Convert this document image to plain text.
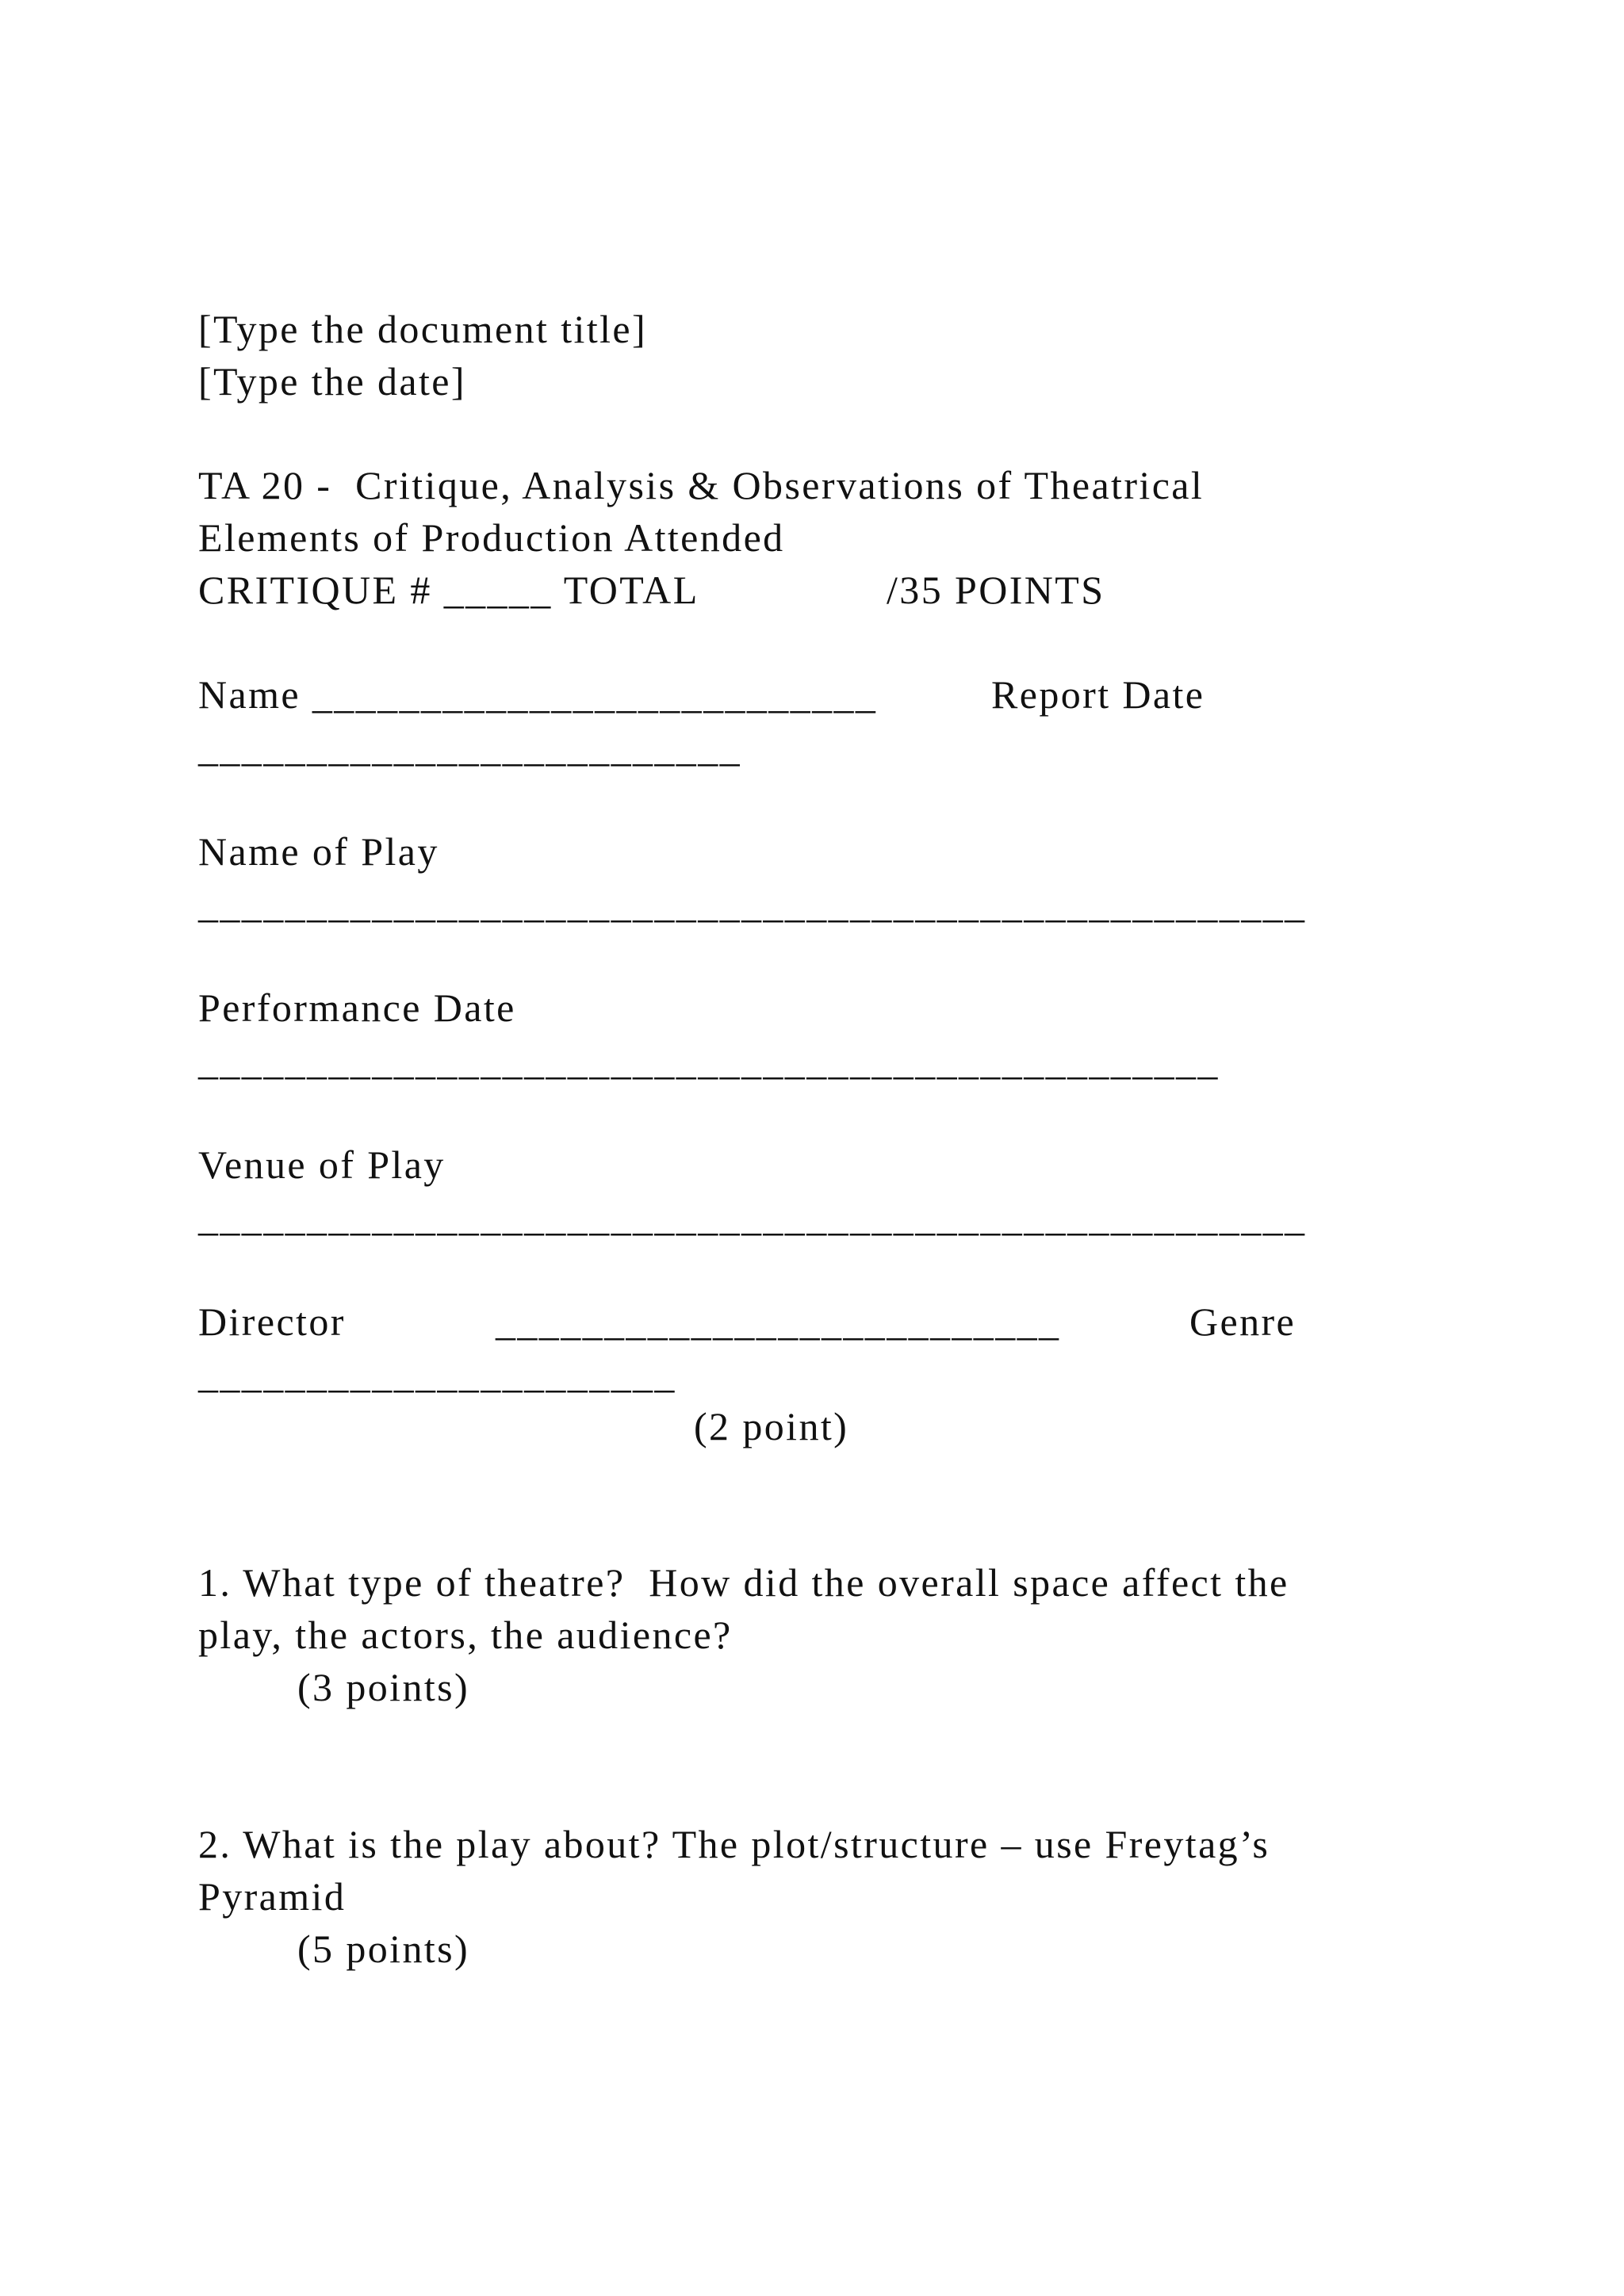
[Type the document title]
[Type the date]
TA 20 -  Critique, Analysis & Observations of Theatrical
Elements of Production Attended
CRITIQUE # _____ TOTAL	/35 POINTS
Name __________________________	Report Date
_________________________
Name of Play
___________________________________________________
Performance Date
_______________________________________________
Venue of Play
___________________________________________________
Director	__________________________	Genre
______________________
(2 point)
1. What type of theatre?  How did the overall space affect the
play, the actors, the audience?
(3 points)
2. What is the play about? The plot/structure – use Freytag’s
Pyramid
(5 points)
